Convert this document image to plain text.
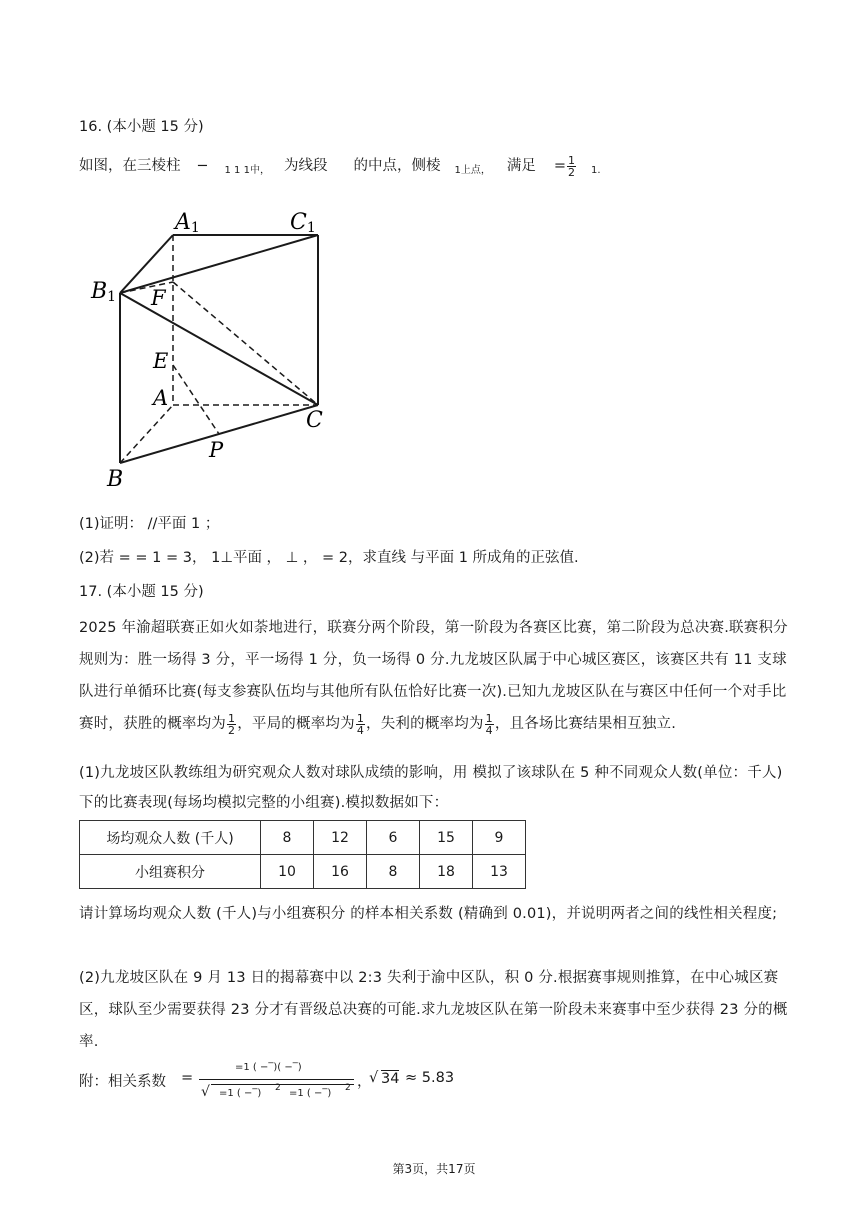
16. (本小题 15 分)
如图，在三棱柱 − $_{1 1 1中,}$ 为线段 的中点，侧棱 $_{1上点,}$ 满足 = $\frac{1}{2} _{1.}$
A1	C1
B1 F
E
A
C
P
B
(1)证明： //平面 1 ；
(2)若 = = 1 = 3， 1⊥平面 ， ⊥ ， = 2，求直线 与平面 1 所成角的正弦值.
17. (本小题 15 分)
2025 年渝超联赛正如火如荼地进行，联赛分两个阶段，第一阶段为各赛区比赛，第二阶段为总决赛.联赛积分规则为：胜一场得 3 分，平一场得 1 分，负一场得 0 分.九龙坡区队属于中心城区赛区，该赛区共有 11 支球队进行单循环比赛(每支参赛队伍均与其他所有队伍恰好比赛一次).已知九龙坡区队在与赛区中任何一个对手比赛时，获胜的概率均为 $\frac{1}{2}$ ，平局的概率均为 $\frac{1}{4}$ ，失利的概率均为 $\frac{1}{4}$ ，且各场比赛结果相互独立.
(1)九龙坡区队教练组为研究观众人数对球队成绩的影响，用 模拟了该球队在 5 种不同观众人数(单位：千人)下的比赛表现(每场均模拟完整的小组赛).模拟数据如下：
场均观众人数 (千人)	8	12	6	15	9
小组赛积分	10	16	8	18	13
请计算场均观众人数 (千人)与小组赛积分 的样本相关系数 (精确到 0.01)，并说明两者之间的线性相关程度;
(2)九龙坡区队在 9 月 13 日的揭幕赛中以 2:3 失利于渝中区队，积 0 分.根据赛事规则推算，在中心城区赛区，球队至少需要获得 23 分才有晋级总决赛的可能.求九龙坡区队在第一阶段未来赛事中至少获得 23 分的概率.
附：相关系数 =
=1 ( −‾)( −‾)
√ =1 ( −‾) 2 =1 ( −‾) 2 ，
√ 34 ≈ 5.83
第3页，共17页
